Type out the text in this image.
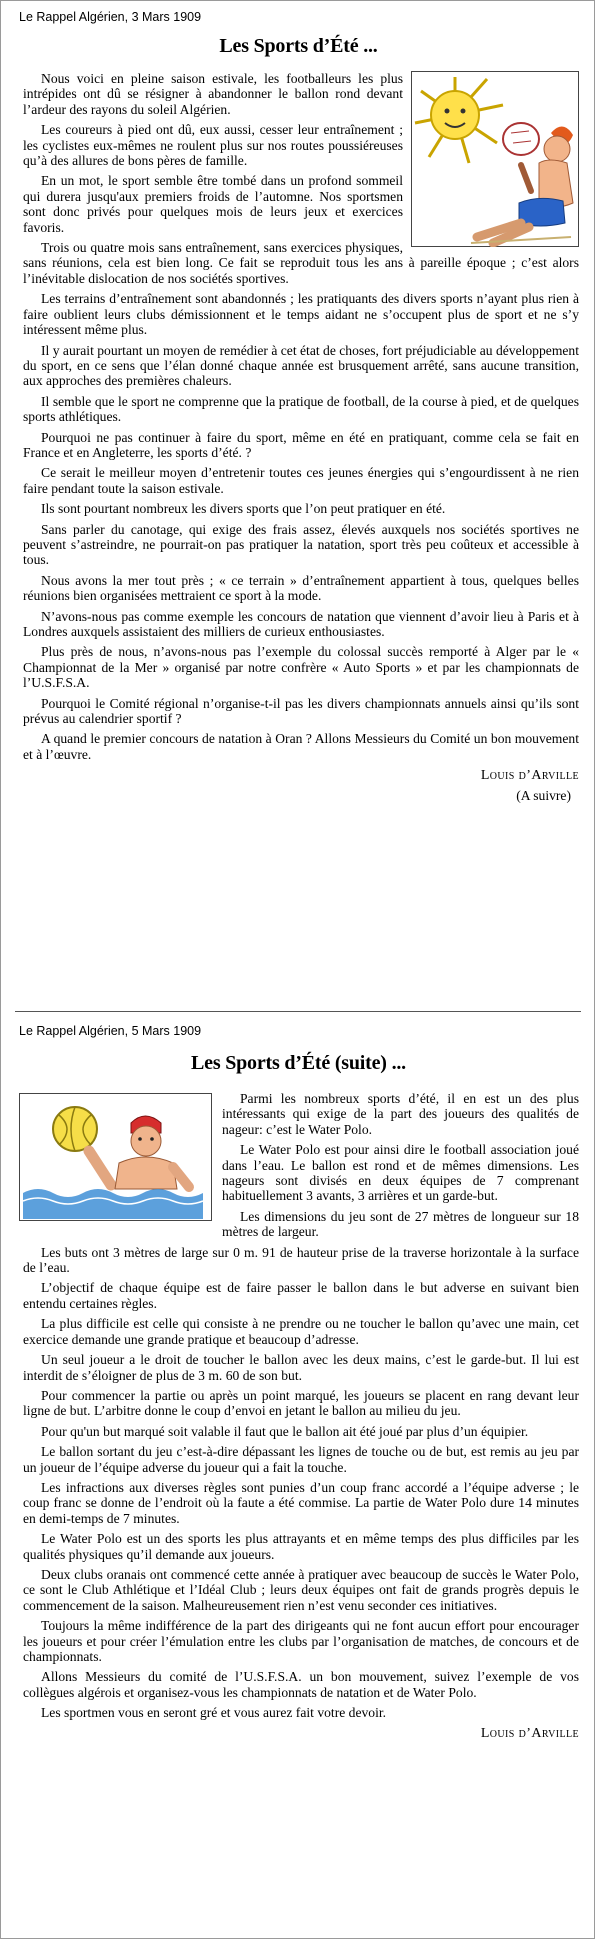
Le Rappel Algérien, 3 Mars 1909
Les Sports d’Été ...

Nous voici en pleine saison estivale, les footballeurs les plus intrépides ont dû se résigner à abandonner le ballon rond devant l’ardeur des rayons du soleil Algérien.

Les coureurs à pied ont dû, eux aussi, cesser leur entraînement ; les cyclistes eux-mêmes ne roulent plus sur nos routes poussiéreuses qu’à des allures de bons pères de famille.

En un mot, le sport semble être tombé dans un profond sommeil qui durera jusqu'aux premiers froids de l’automne. Nos sportsmen sont donc privés pour quelques mois de leurs jeux et exercices favoris.

Trois ou quatre mois sans entraînement, sans exercices physiques, sans réunions, cela est bien long. Ce fait se reproduit tous les ans à pareille époque ; c’est alors l’inévitable dislocation de nos sociétés sportives.

Les terrains d’entraînement sont abandonnés ; les pratiquants des divers sports n’ayant plus rien à faire oublient leurs clubs démissionnent et le temps aidant ne s’occupent plus de sport et ne s’y intéressent même plus.

Il y aurait pourtant un moyen de remédier à cet état de choses, fort préjudiciable au développement du sport, en ce sens que l’élan donné chaque année est brusquement arrêté, sans aucune transition, aux approches des premières chaleurs.

Il semble que le sport ne comprenne que la pratique de football, de la course à pied, et de quelques sports athlétiques.

Pourquoi ne pas continuer à faire du sport, même en été en pratiquant, comme cela se fait en France et en Angleterre, les sports d’été. ?

Ce serait le meilleur moyen d’entretenir toutes ces jeunes énergies qui s’engourdissent à ne rien faire pendant toute la saison estivale.

Ils sont pourtant nombreux les divers sports que l’on peut pratiquer en été.

Sans parler du canotage, qui exige des frais assez, élevés auxquels nos sociétés sportives ne peuvent s’astreindre, ne pourrait-on pas pratiquer la natation, sport très peu coûteux et accessible à tous.

Nous avons la mer tout près ; « ce terrain » d’entraînement appartient à tous, quelques belles réunions bien organisées mettraient ce sport à la mode.

N’avons-nous pas comme exemple les concours de natation que viennent d’avoir lieu à Paris et à Londres auxquels assistaient des milliers de curieux enthousiastes.

Plus près de nous, n’avons-nous pas l’exemple du colossal succès remporté à Alger par le « Championnat de la Mer » organisé par notre confrère « Auto Sports » et par les championnats de l’U.S.F.S.A.

Pourquoi le Comité régional n’organise-t-il pas les divers championnats annuels ainsi qu’ils sont prévus au calendrier sportif ?

A quand le premier concours de natation à Oran ? Allons Messieurs du Comité un bon mouvement et à l’œuvre.

Louis d’Arville
(A suivre)
Le Rappel Algérien, 5 Mars 1909
Les Sports d’Été (suite) ...

Parmi les nombreux sports d’été, il en est un des plus intéressants qui exige de la part des joueurs des qualités de nageur: c’est le Water Polo.

Le Water Polo est pour ainsi dire le football association joué dans l’eau. Le ballon est rond et de mêmes dimensions. Les nageurs sont divisés en deux équipes de 7 comprenant habituellement 3 avants, 3 arrières et un garde-but.

Les dimensions du jeu sont de 27 mètres de longueur sur 18 mètres de largeur.

Les buts ont 3 mètres de large sur 0 m. 91 de hauteur prise de la traverse horizontale à la surface de l’eau.

L’objectif de chaque équipe est de faire passer le ballon dans le but adverse en suivant bien entendu certaines règles.

La plus difficile est celle qui consiste à ne prendre ou ne toucher le ballon qu’avec une main, cet exercice demande une grande pratique et beaucoup d’adresse.

Un seul joueur a le droit de toucher le ballon avec les deux mains, c’est le garde-but. Il lui est interdit de s’éloigner de plus de 3 m. 60 de son but.

Pour commencer la partie ou après un point marqué, les joueurs se placent en rang devant leur ligne de but. L’arbitre donne le coup d’envoi en jetant le ballon au milieu du jeu.

Pour qu'un but marqué soit valable il faut que le ballon ait été joué par plus d’un équipier.

Le ballon sortant du jeu c’est-à-dire dépassant les lignes de touche ou de but, est remis au jeu par un joueur de l’équipe adverse du joueur qui a fait la touche.

Les infractions aux diverses règles sont punies d’un coup franc accordé a l’équipe adverse ; le coup franc se donne de l’endroit où la faute a été commise. La partie de Water Polo dure 14 minutes en demi-temps de 7 minutes.

Le Water Polo est un des sports les plus attrayants et en même temps des plus difficiles par les qualités physiques qu’il demande aux joueurs.

Deux clubs oranais ont commencé cette année à pratiquer avec beaucoup de succès le Water Polo, ce sont le Club Athlétique et l’Idéal Club ; leurs deux équipes ont fait de grands progrès depuis le commencement de la saison. Malheureusement rien n’est venu seconder ces initiatives.

Toujours la même indifférence de la part des dirigeants qui ne font aucun effort pour encourager les joueurs et pour créer l’émulation entre les clubs par l’organisation de matches, de concours et de championnats.

Allons Messieurs du comité de l’U.S.F.S.A. un bon mouvement, suivez l’exemple de vos collègues algérois et organisez-vous les championnats de natation et de Water Polo.

Les sportmen vous en seront gré et vous aurez fait votre devoir.

Louis d’Arville
